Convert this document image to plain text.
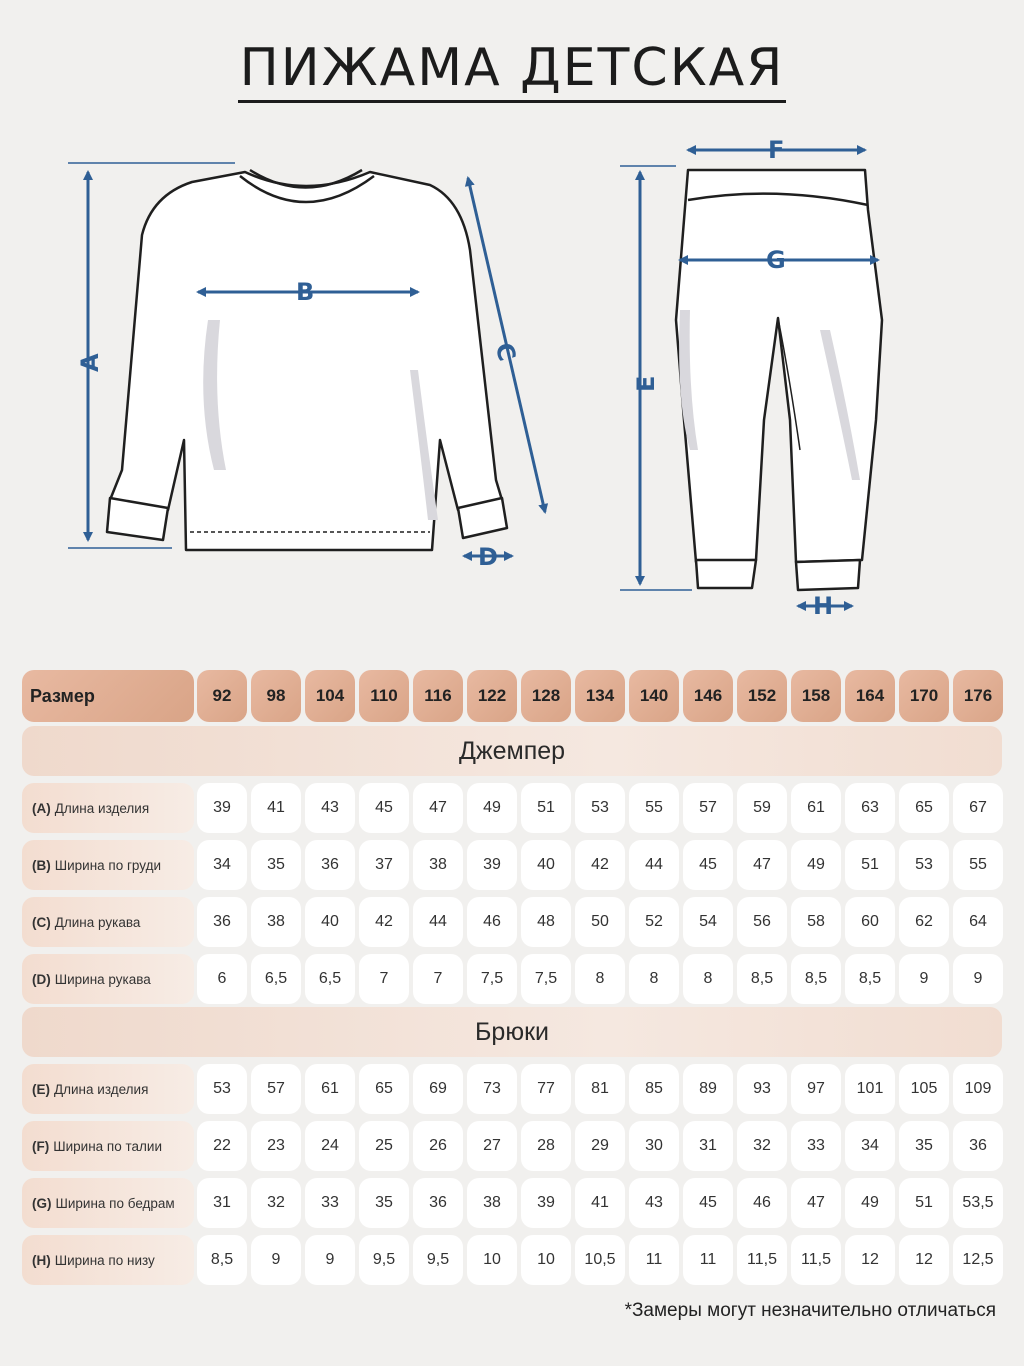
ПИЖАМА ДЕТСКАЯ
A
B
C
D
F
G
E
H
Размер	92	98	104	110	116	122	128	134	140	146	152	158	164	170	176
Джемпер
(A) Длина изделия	39	41	43	45	47	49	51	53	55	57	59	61	63	65	67
(B) Ширина по груди	34	35	36	37	38	39	40	42	44	45	47	49	51	53	55
(C) Длина рукава	36	38	40	42	44	46	48	50	52	54	56	58	60	62	64
(D) Ширина рукава	6	6,5	6,5	7	7	7,5	7,5	8	8	8	8,5	8,5	8,5	9	9
Брюки
(E) Длина изделия	53	57	61	65	69	73	77	81	85	89	93	97	101	105	109
(F) Ширина по талии	22	23	24	25	26	27	28	29	30	31	32	33	34	35	36
(G) Ширина по бедрам	31	32	33	35	36	38	39	41	43	45	46	47	49	51	53,5
(H) Ширина по низу	8,5	9	9	9,5	9,5	10	10	10,5	11	11	11,5	11,5	12	12	12,5
*Замеры могут незначительно отличаться
